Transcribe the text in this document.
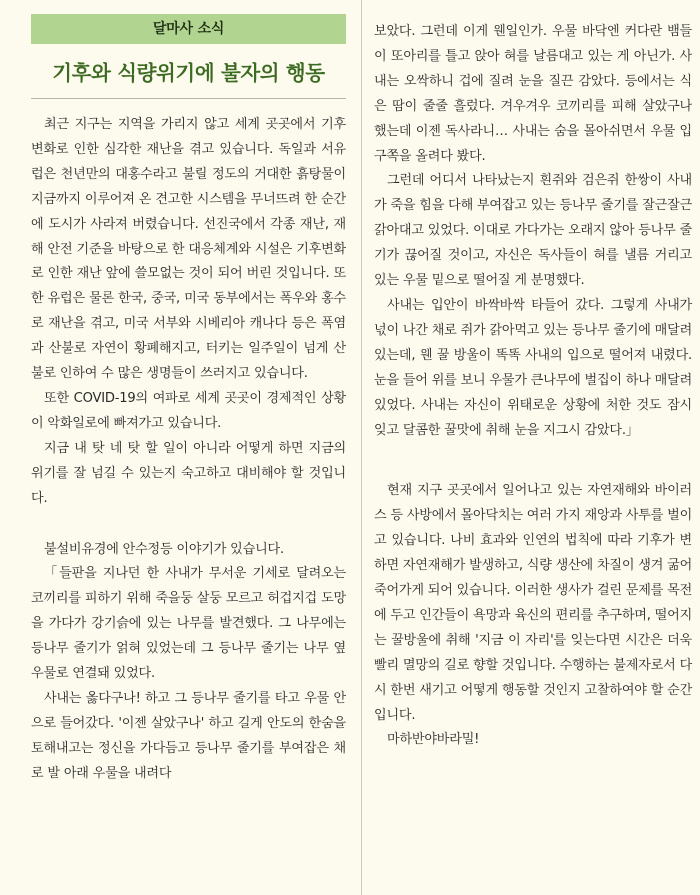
달마사 소식
기후와 식량위기에 불자의 행동

최근 지구는 지역을 가리지 않고 세계 곳곳에서 기후 변화로 인한 심각한 재난을 겪고 있습니다. 독일과 서유럽은 천년만의 대홍수라고 불릴 정도의 거대한 흙탕물이 지금까지 이루어져 온 견고한 시스템을 무너뜨려 한 순간에 도시가 사라져 버렸습니다. 선진국에서 각종 재난, 재해 안전 기준을 바탕으로 한 대응체계와 시설은 기후변화로 인한 재난 앞에 쓸모없는 것이 되어 버린 것입니다. 또한 유럽은 물론 한국, 중국, 미국 동부에서는 폭우와 홍수로 재난을 겪고, 미국 서부와 시베리아 캐나다 등은 폭염과 산불로 자연이 황폐해지고, 터키는 일주일이 넘게 산불로 인하여 수 많은 생명들이 쓰러지고 있습니다.

또한 COVID-19의 여파로 세계 곳곳이 경제적인 상황이 악화일로에 빠져가고 있습니다.

지금 내 탓 네 탓 할 일이 아니라 어떻게 하면 지금의 위기를 잘 넘길 수 있는지 숙고하고 대비해야 할 것입니다.

불설비유경에 안수정등 이야기가 있습니다.

「들판을 지나던 한 사내가 무서운 기세로 달려오는 코끼리를 피하기 위해 죽을둥 살둥 모르고 허겁지겁 도망을 가다가 강기슭에 있는 나무를 발견했다. 그 나무에는 등나무 줄기가 얽혀 있었는데 그 등나무 줄기는 나무 옆 우물로 연결돼 있었다.

사내는 옳다구나! 하고 그 등나무 줄기를 타고 우물 안으로 들어갔다. '이젠 살았구나' 하고 길게 안도의 한숨을 토해내고는 정신을 가다듬고 등나무 줄기를 부여잡은 채로 발 아래 우물을 내려다

보았다. 그런데 이게 웬일인가. 우물 바닥엔 커다란 뱀들이 또아리를 틀고 앉아 혀를 날름대고 있는 게 아닌가. 사내는 오싹하니 겁에 질려 눈을 질끈 감았다. 등에서는 식은 땀이 줄줄 흘렀다. 겨우겨우 코끼리를 피해 살았구나 했는데 이젠 독사라니… 사내는 숨을 몰아쉬면서 우물 입구쪽을 올려다 봤다.

그런데 어디서 나타났는지 흰쥐와 검은쥐 한쌍이 사내가 죽을 힘을 다해 부여잡고 있는 등나무 줄기를 잘근잘근 갉아대고 있었다. 이대로 가다가는 오래지 않아 등나무 줄기가 끊어질 것이고, 자신은 독사들이 혀를 낼름 거리고 있는 우물 밑으로 떨어질 게 분명했다.

사내는 입안이 바싹바싹 타들어 갔다. 그렇게 사내가 넋이 나간 채로 쥐가 갉아먹고 있는 등나무 줄기에 매달려 있는데, 웬 꿀 방울이 똑똑 사내의 입으로 떨어져 내렸다. 눈을 들어 위를 보니 우물가 큰나무에 벌집이 하나 매달려 있었다. 사내는 자신이 위태로운 상황에 처한 것도 잠시 잊고 달콤한 꿀맛에 취해 눈을 지그시 감았다.」

현재 지구 곳곳에서 일어나고 있는 자연재해와 바이러스 등 사방에서 몰아닥치는 여러 가지 재앙과 사투를 벌이고 있습니다. 나비 효과와 인연의 법칙에 따라 기후가 변하면 자연재해가 발생하고, 식량 생산에 차질이 생겨 굶어 죽어가게 되어 있습니다. 이러한 생사가 걸린 문제를 목전에 두고 인간들이 욕망과 육신의 편리를 추구하며, 떨어지는 꿀방울에 취해 '지금 이 자리'를 잊는다면 시간은 더욱 빨리 멸망의 길로 향할 것입니다. 수행하는 불제자로서 다시 한번 새기고 어떻게 행동할 것인지 고찰하여야 할 순간입니다.

마하반야바라밀!
